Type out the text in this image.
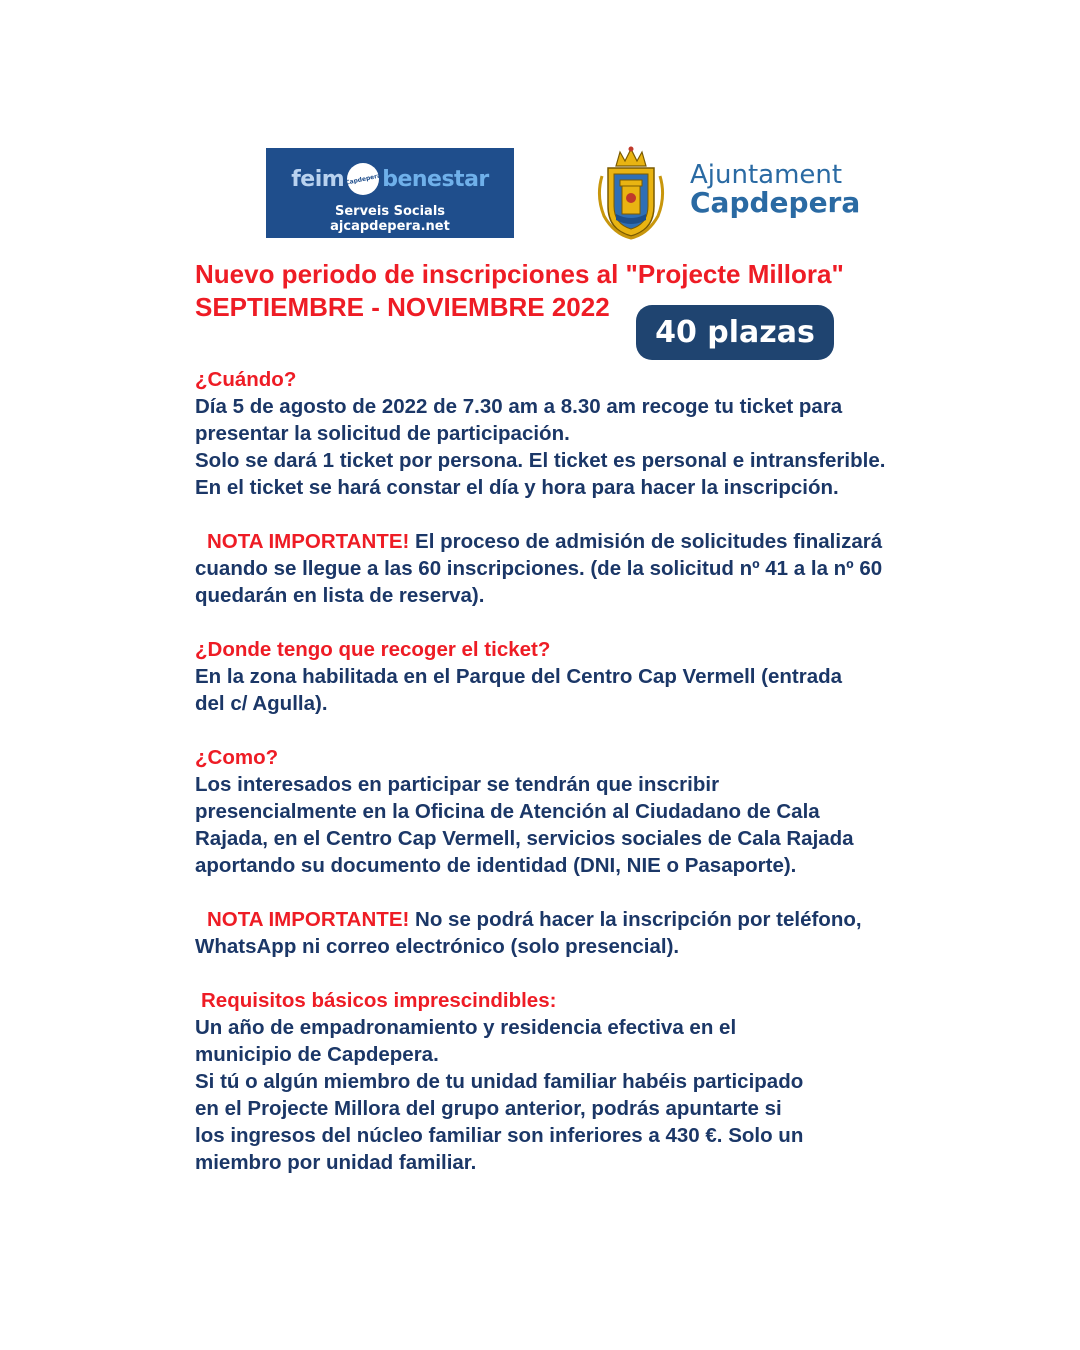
feim Capdepera benestar
Serveis Socials
ajcapdepera.net
Ajuntament
Capdepera
Nuevo periodo de inscripciones al "Projecte Millora"
SEPTIEMBRE - NOVIEMBRE 2022
40 plazas

¿Cuándo?

Día 5 de agosto de 2022 de 7.30 am a 8.30 am recoge tu ticket para

presentar la solicitud de participación.

Solo se dará 1 ticket por persona. El ticket es personal e intransferible.

En el ticket se hará constar el día y hora para hacer la inscripción.

NOTA IMPORTANTE! El proceso de admisión de solicitudes finalizará

cuando se llegue a las 60 inscripciones. (de la solicitud nº 41 a la nº 60

quedarán en lista de reserva).

¿Donde tengo que recoger el ticket?

En la zona habilitada en el Parque del Centro Cap Vermell (entrada

del c/ Agulla).

¿Como?

Los interesados en participar se tendrán que inscribir

presencialmente en la Oficina de Atención al Ciudadano de Cala

Rajada, en el Centro Cap Vermell, servicios sociales de Cala Rajada

aportando su documento de identidad (DNI, NIE o Pasaporte).

NOTA IMPORTANTE! No se podrá hacer la inscripción por teléfono,

WhatsApp ni correo electrónico (solo presencial).

Requisitos básicos imprescindibles:

Un año de empadronamiento y residencia efectiva en el

municipio de Capdepera.

Si tú o algún miembro de tu unidad familiar habéis participado

en el Projecte Millora del grupo anterior, podrás apuntarte si

los ingresos del núcleo familiar son inferiores a 430 €. Solo un

miembro por unidad familiar.
